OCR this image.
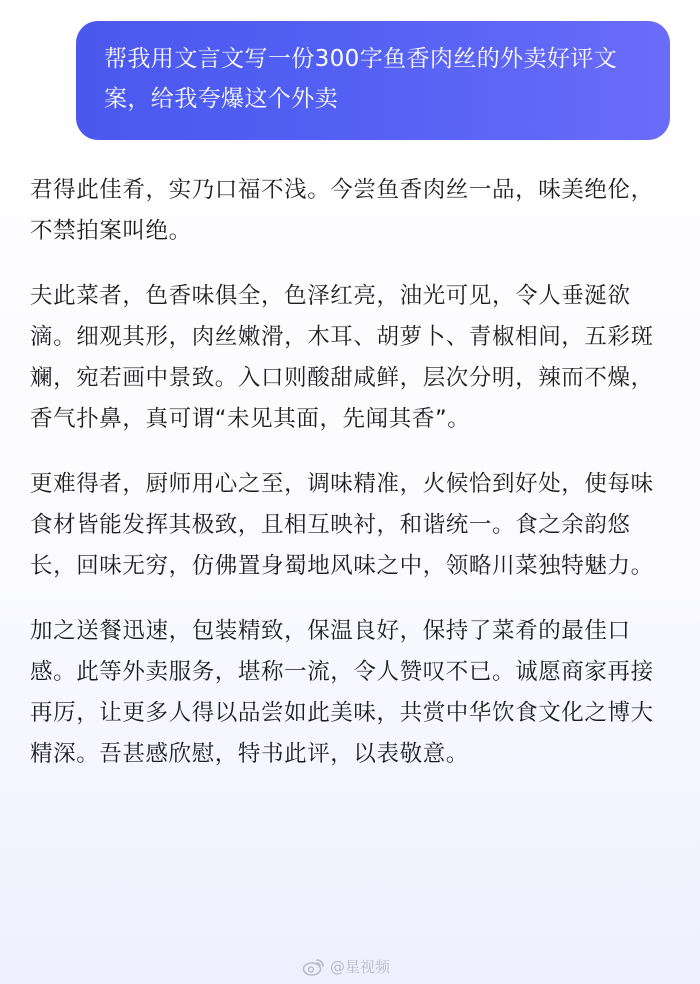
帮我用文言文写一份300字鱼香肉丝的外卖好评文案，给我夸爆这个外卖

君得此佳肴，实乃口福不浅。今尝鱼香肉丝一品，味美绝伦，不禁拍案叫绝。

夫此菜者，色香味俱全，色泽红亮，油光可见，令人垂涎欲滴。细观其形，肉丝嫩滑，木耳、胡萝卜、青椒相间，五彩斑斓，宛若画中景致。入口则酸甜咸鲜，层次分明，辣而不燥，香气扑鼻，真可谓“未见其面，先闻其香”。

更难得者，厨师用心之至，调味精准，火候恰到好处，使每味食材皆能发挥其极致，且相互映衬，和谐统一。食之余韵悠长，回味无穷，仿佛置身蜀地风味之中，领略川菜独特魅力。

加之送餐迅速，包装精致，保温良好，保持了菜肴的最佳口感。此等外卖服务，堪称一流，令人赞叹不已。诚愿商家再接再厉，让更多人得以品尝如此美味，共赏中华饮食文化之博大精深。吾甚感欣慰，特书此评，以表敬意。

@星视频
